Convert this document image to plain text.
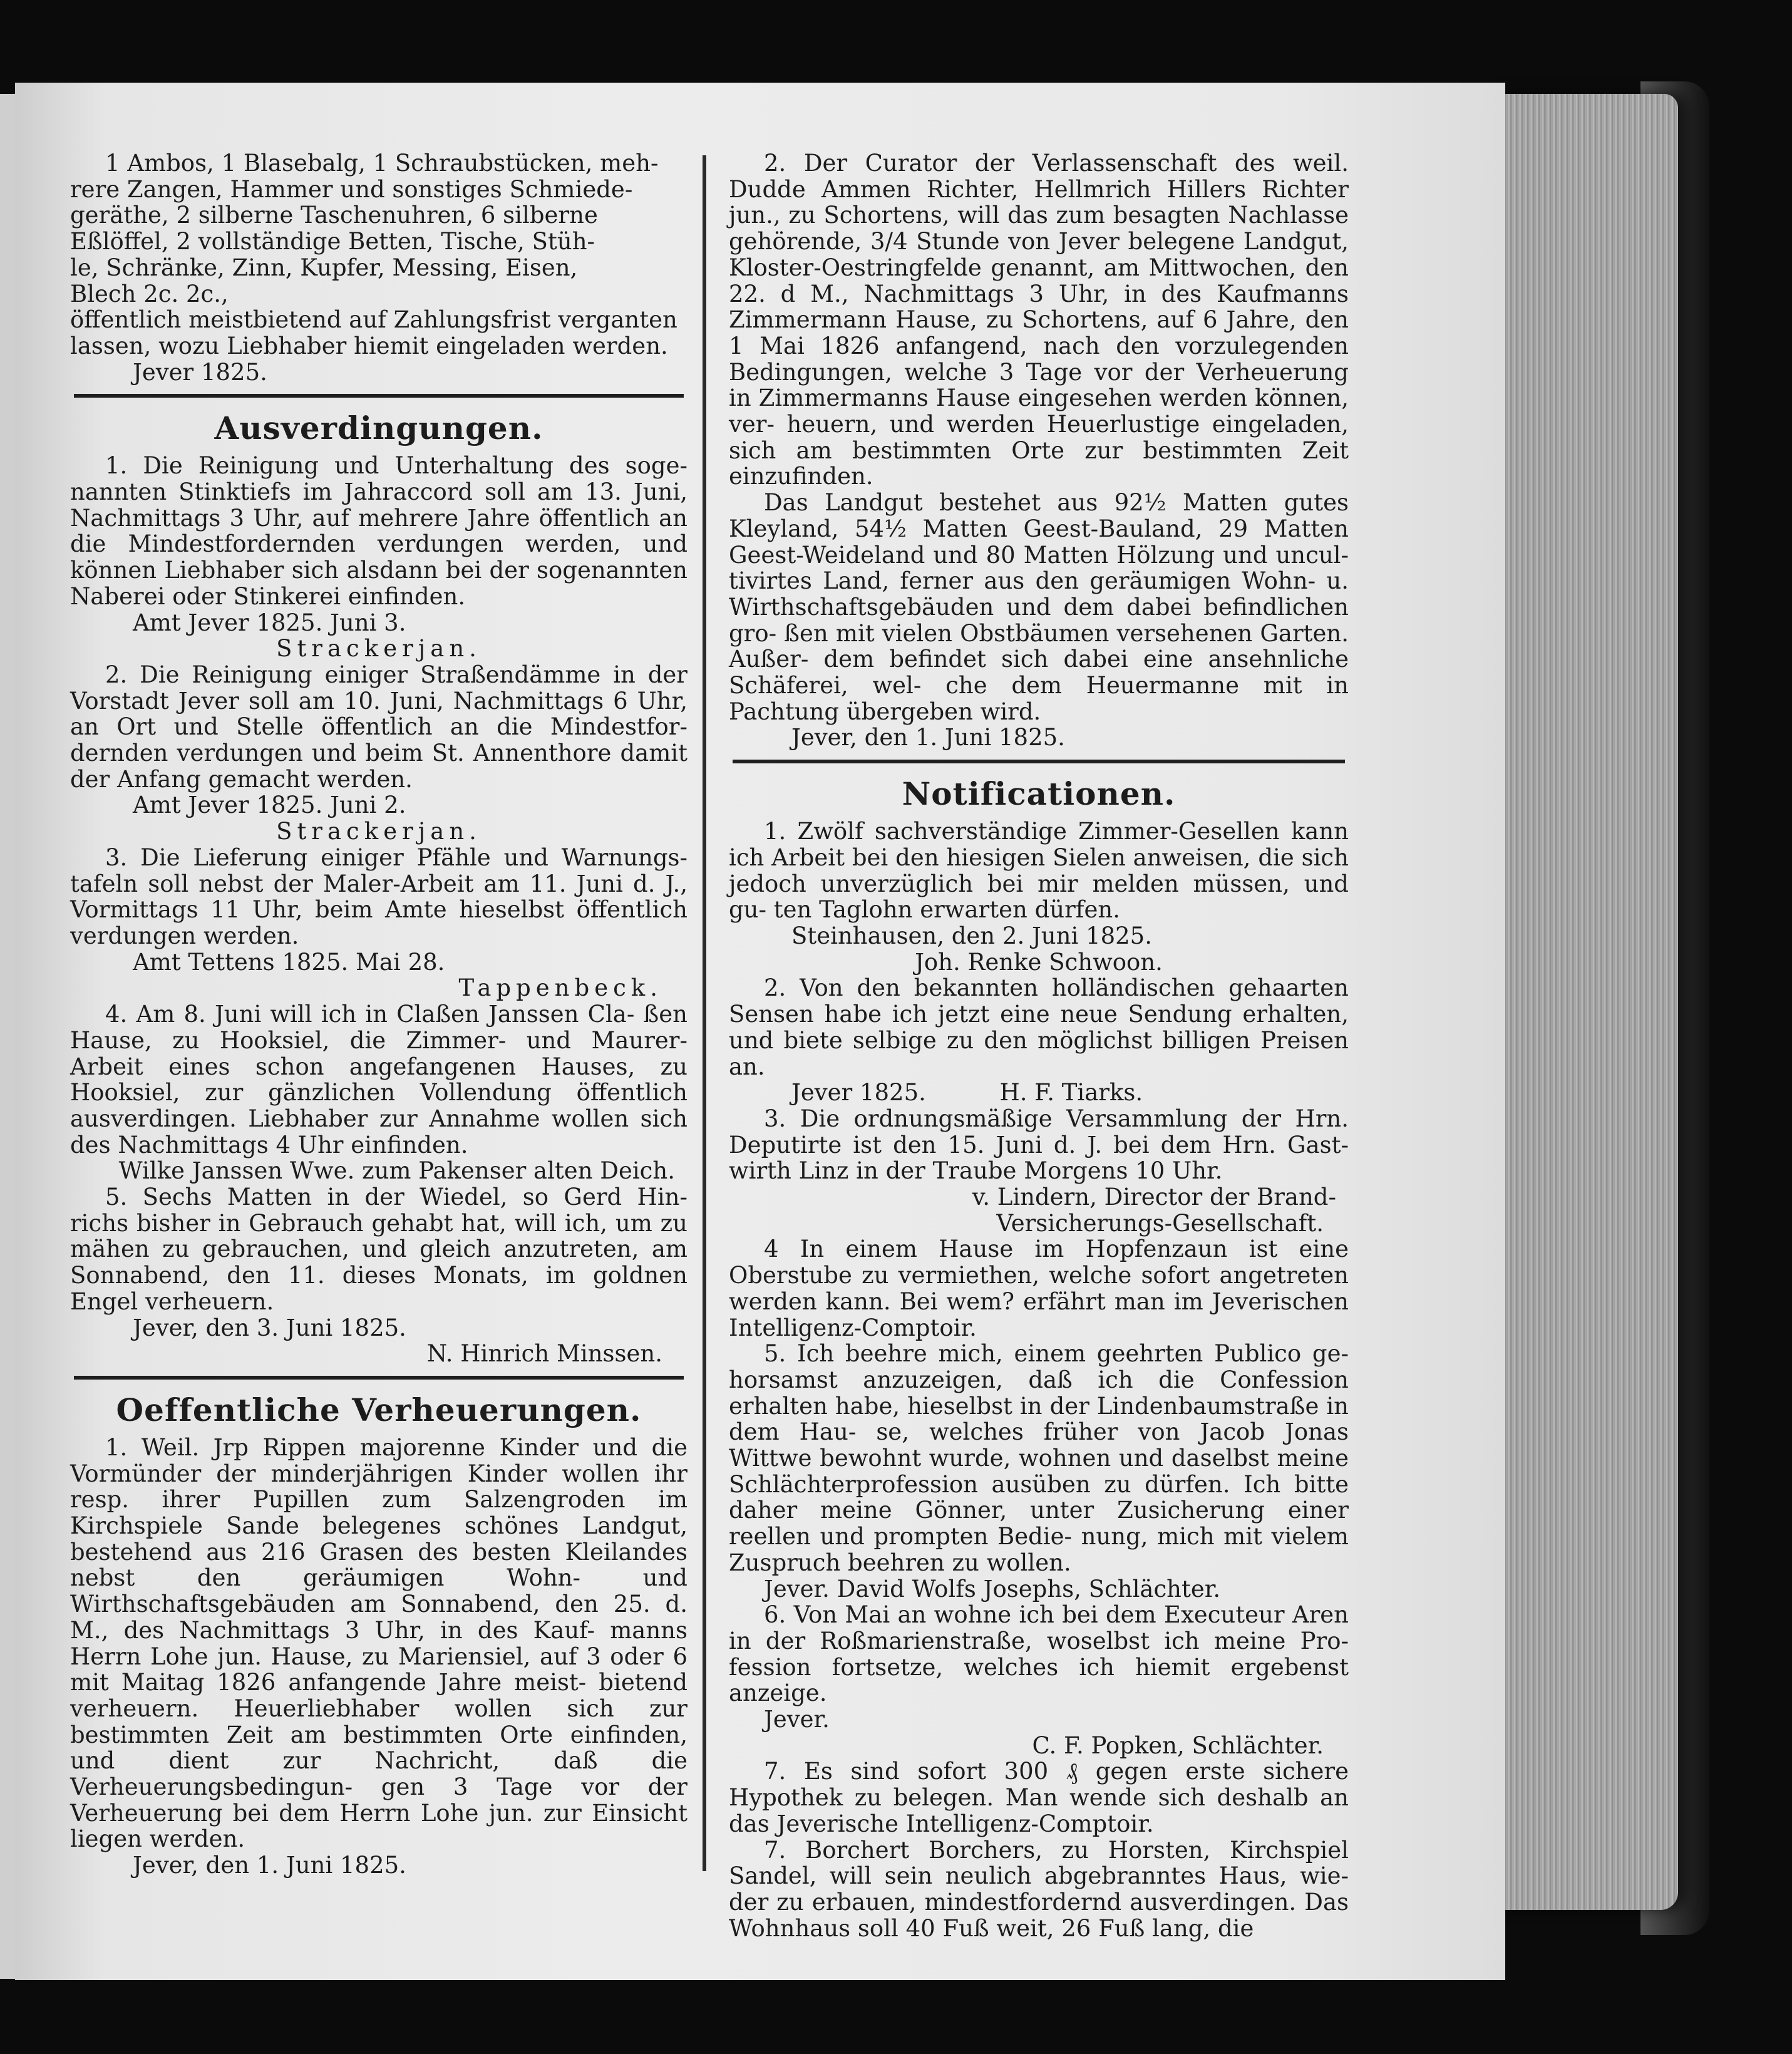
1 Ambos, 1 Blasebalg, 1 Schraubstücken, meh-
rere Zangen, Hammer und sonstiges Schmiede-
geräthe, 2 silberne Taschenuhren, 6 silberne
Eßlöffel, 2 vollständige Betten, Tische, Stüh-
le, Schränke, Zinn, Kupfer, Messing, Eisen,
Blech 2c. 2c.,
öffentlich meistbietend auf Zahlungsfrist verganten
lassen, wozu Liebhaber hiemit eingeladen werden.
Jever 1825.
Ausverdingungen.
1. Die Reinigung und Unterhaltung des soge- nannten Stinktiefs im Jahraccord soll am 13. Juni, Nachmittags 3 Uhr, auf mehrere Jahre öffentlich an die Mindestfordernden verdungen werden, und können Liebhaber sich alsdann bei der sogenannten Naberei oder Stinkerei einfinden.
Amt Jever 1825. Juni 3.
Strackerjan.
2. Die Reinigung einiger Straßendämme in der Vorstadt Jever soll am 10. Juni, Nachmittags 6 Uhr, an Ort und Stelle öffentlich an die Mindestfor- dernden verdungen und beim St. Annenthore damit der Anfang gemacht werden.
Amt Jever 1825. Juni 2.
Strackerjan.
3. Die Lieferung einiger Pfähle und Warnungs- tafeln soll nebst der Maler-Arbeit am 11. Juni d. J., Vormittags 11 Uhr, beim Amte hieselbst öffentlich verdungen werden.
Amt Tettens 1825. Mai 28.
Tappenbeck.
4. Am 8. Juni will ich in Claßen Janssen Cla- ßen Hause, zu Hooksiel, die Zimmer- und Maurer- Arbeit eines schon angefangenen Hauses, zu Hooksiel, zur gänzlichen Vollendung öffentlich ausverdingen. Liebhaber zur Annahme wollen sich des Nachmittags 4 Uhr einfinden.
Wilke Janssen Wwe. zum Pakenser alten Deich.
5. Sechs Matten in der Wiedel, so Gerd Hin- richs bisher in Gebrauch gehabt hat, will ich, um zu mähen zu gebrauchen, und gleich anzutreten, am Sonnabend, den 11. dieses Monats, im goldnen Engel verheuern.
Jever, den 3. Juni 1825.
N. Hinrich Minssen.
Oeffentliche Verheuerungen.
1. Weil. Jrp Rippen majorenne Kinder und die Vormünder der minderjährigen Kinder wollen ihr resp. ihrer Pupillen zum Salzengroden im Kirchspiele Sande belegenes schönes Landgut, bestehend aus 216 Grasen des besten Kleilandes nebst den geräumigen Wohn- und Wirthschaftsgebäuden am Sonnabend, den 25. d. M., des Nachmittags 3 Uhr, in des Kauf- manns Herrn Lohe jun. Hause, zu Mariensiel, auf 3 oder 6 mit Maitag 1826 anfangende Jahre meist- bietend verheuern. Heuerliebhaber wollen sich zur bestimmten Zeit am bestimmten Orte einfinden, und dient zur Nachricht, daß die Verheuerungsbedingun- gen 3 Tage vor der Verheuerung bei dem Herrn Lohe jun. zur Einsicht liegen werden.
Jever, den 1. Juni 1825.
2. Der Curator der Verlassenschaft des weil. Dudde Ammen Richter, Hellmrich Hillers Richter jun., zu Schortens, will das zum besagten Nachlasse gehörende, 3/4 Stunde von Jever belegene Landgut, Kloster-Oestringfelde genannt, am Mittwochen, den 22. d M., Nachmittags 3 Uhr, in des Kaufmanns Zimmermann Hause, zu Schortens, auf 6 Jahre, den 1 Mai 1826 anfangend, nach den vorzulegenden Bedingungen, welche 3 Tage vor der Verheuerung in Zimmermanns Hause eingesehen werden können, ver- heuern, und werden Heuerlustige eingeladen, sich am bestimmten Orte zur bestimmten Zeit einzufinden.
Das Landgut bestehet aus 92½ Matten gutes Kleyland, 54½ Matten Geest-Bauland, 29 Matten Geest-Weideland und 80 Matten Hölzung und uncul- tivirtes Land, ferner aus den geräumigen Wohn- u. Wirthschaftsgebäuden und dem dabei befindlichen gro- ßen mit vielen Obstbäumen versehenen Garten. Außer- dem befindet sich dabei eine ansehnliche Schäferei, wel- che dem Heuermanne mit in Pachtung übergeben wird.
Jever, den 1. Juni 1825.
Notificationen.
1. Zwölf sachverständige Zimmer-Gesellen kann ich Arbeit bei den hiesigen Sielen anweisen, die sich jedoch unverzüglich bei mir melden müssen, und gu- ten Taglohn erwarten dürfen.
Steinhausen, den 2. Juni 1825.
Joh. Renke Schwoon.
2. Von den bekannten holländischen gehaarten Sensen habe ich jetzt eine neue Sendung erhalten, und biete selbige zu den möglichst billigen Preisen an.
Jever 1825.          H. F. Tiarks.
3. Die ordnungsmäßige Versammlung der Hrn. Deputirte ist den 15. Juni d. J. bei dem Hrn. Gast- wirth Linz in der Traube Morgens 10 Uhr.
v. Lindern, Director der Brand-
Versicherungs-Gesellschaft.
4 In einem Hause im Hopfenzaun ist eine Oberstube zu vermiethen, welche sofort angetreten werden kann. Bei wem? erfährt man im Jeverischen Intelligenz-Comptoir.
5. Ich beehre mich, einem geehrten Publico ge- horsamst anzuzeigen, daß ich die Confession erhalten habe, hieselbst in der Lindenbaumstraße in dem Hau- se, welches früher von Jacob Jonas Wittwe bewohnt wurde, wohnen und daselbst meine Schlächterprofession ausüben zu dürfen. Ich bitte daher meine Gönner, unter Zusicherung einer reellen und prompten Bedie- nung, mich mit vielem Zuspruch beehren zu wollen.
Jever. David Wolfs Josephs, Schlächter.
6. Von Mai an wohne ich bei dem Executeur Aren in der Roßmarienstraße, woselbst ich meine Pro- fession fortsetze, welches ich hiemit ergebenst anzeige.
Jever.
C. F. Popken, Schlächter.
7. Es sind sofort 300 ₰ gegen erste sichere Hypothek zu belegen. Man wende sich deshalb an das Jeverische Intelligenz-Comptoir.
7. Borchert Borchers, zu Horsten, Kirchspiel Sandel, will sein neulich abgebranntes Haus, wie- der zu erbauen, mindestfordernd ausverdingen. Das Wohnhaus soll 40 Fuß weit, 26 Fuß lang, die
